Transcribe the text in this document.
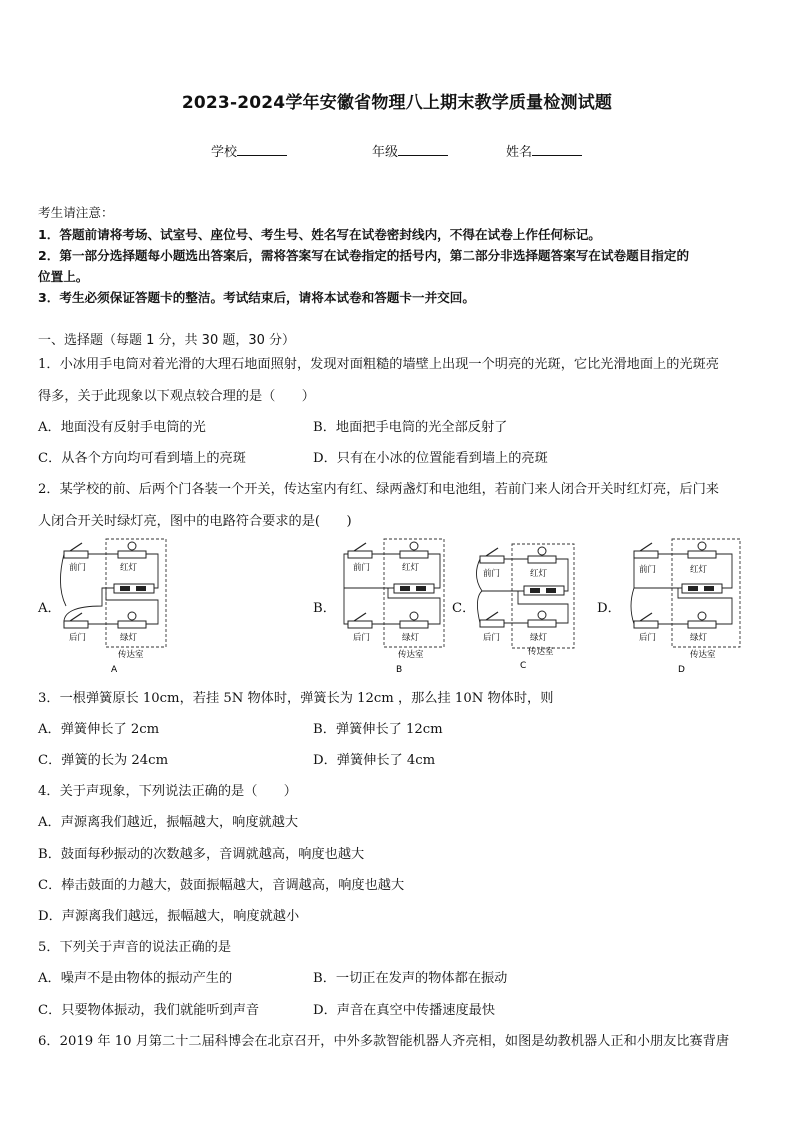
2023-2024学年安徽省物理八上期末教学质量检测试题
学校	年级	姓名
考生请注意：
1．答题前请将考场、试室号、座位号、考生号、姓名写在试卷密封线内，不得在试卷上作任何标记。
2．第一部分选择题每小题选出答案后，需将答案写在试卷指定的括号内，第二部分非选择题答案写在试卷题目指定的
位置上。
3．考生必须保证答题卡的整洁。考试结束后，请将本试卷和答题卡一并交回。
一、选择题（每题 1 分，共 30 题，30 分）
1．小冰用手电筒对着光滑的大理石地面照射，发现对面粗糙的墙壁上出现一个明亮的光斑，它比光滑地面上的光斑亮
得多，关于此现象以下观点较合理的是（　　）
A．地面没有反射手电筒的光	B．地面把手电筒的光全部反射了
C．从各个方向均可看到墙上的亮斑	D．只有在小冰的位置能看到墙上的亮斑
2．某学校的前、后两个门各装一个开关，传达室内有红、绿两盏灯和电池组，若前门来人闭合开关时红灯亮，后门来
人闭合开关时绿灯亮，图中的电路符合要求的是(　　)
A．	B．	C．	D．
前门	红灯
后门	绿灯
传达室
A
前门	红灯
后门	绿灯
传达室
B
前门	红灯
后门	绿灯
传达室
C
前门	红灯
后门	绿灯
传达室
D
3．一根弹簧原长 10cm，若挂 5N 物体时，弹簧长为 12cm ，那么挂 10N 物体时，则
A．弹簧伸长了 2cm	B．弹簧伸长了 12cm
C．弹簧的长为 24cm	D．弹簧伸长了 4cm
4．关于声现象，下列说法正确的是（　　）
A．声源离我们越近，振幅越大，响度就越大
B．鼓面每秒振动的次数越多，音调就越高，响度也越大
C．棒击鼓面的力越大，鼓面振幅越大，音调越高，响度也越大
D．声源离我们越远，振幅越大，响度就越小
5．下列关于声音的说法正确的是
A．噪声不是由物体的振动产生的	B．一切正在发声的物体都在振动
C．只要物体振动，我们就能听到声音	D．声音在真空中传播速度最快
6．2019 年 10 月第二十二届科博会在北京召开，中外多款智能机器人齐亮相，如图是幼教机器人正和小朋友比赛背唐
